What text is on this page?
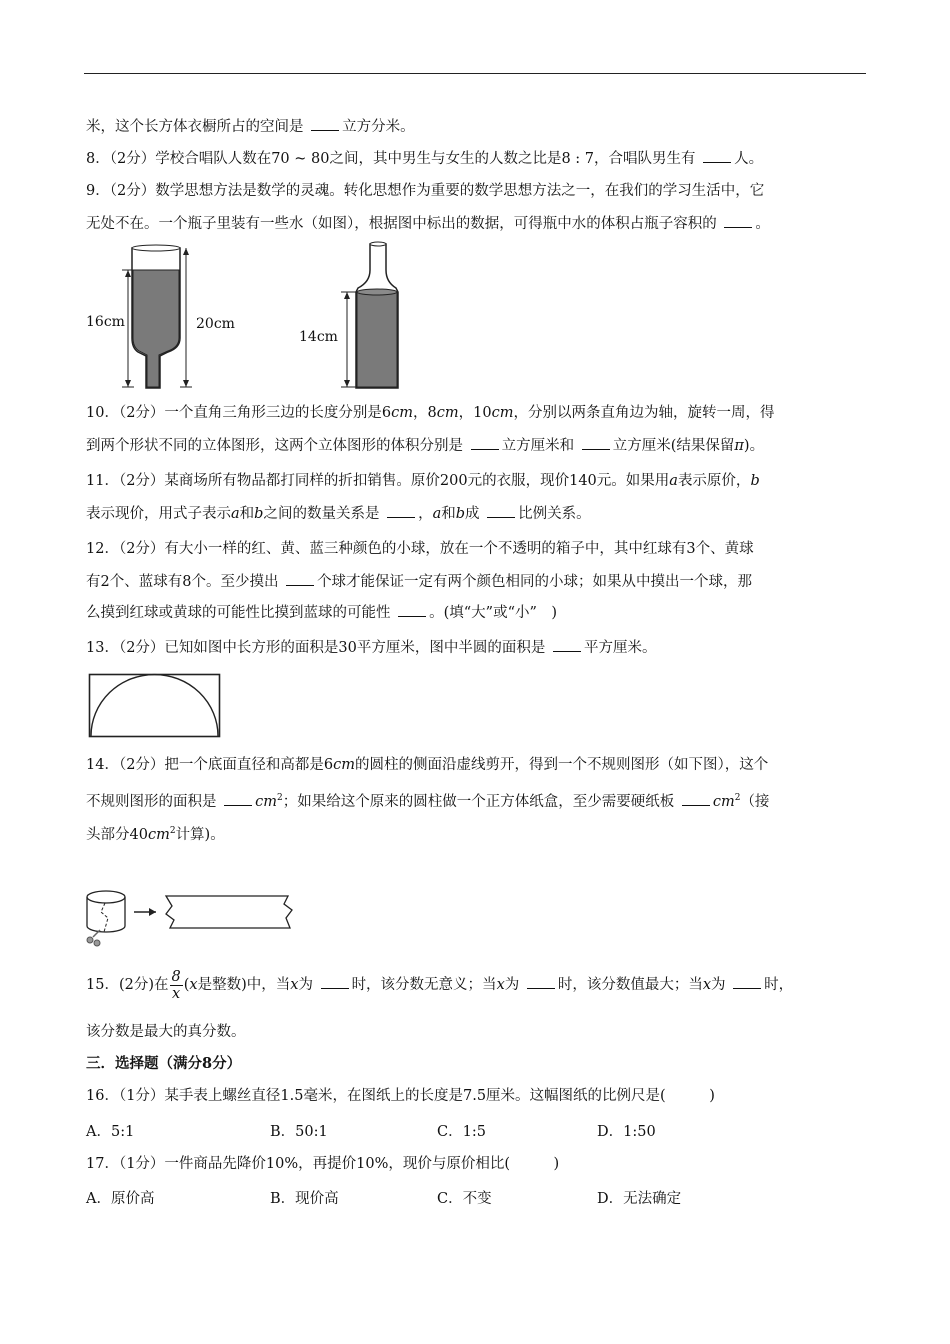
米，这个长方体衣橱所占的空间是 立方分米。
8．（2分）学校合唱队人数在70 ~ 80之间，其中男生与女生的人数之比是8 : 7，合唱队男生有 人。
9．（2分）数学思想方法是数学的灵魂。转化思想作为重要的数学思想方法之一，在我们的学习生活中，它
无处不在。一个瓶子里装有一些水（如图），根据图中标出的数据，可得瓶中水的体积占瓶子容积的 。
16cm	20cm
14cm
10．（2分）一个直角三角形三边的长度分别是6cm，8cm，10cm，分别以两条直角边为轴，旋转一周，得
到两个形状不同的立体图形，这两个立体图形的体积分别是 立方厘米和 立方厘米(结果保留π)。
11．（2分）某商场所有物品都打同样的折扣销售。原价200元的衣服，现价140元。如果用a表示原价，b
表示现价，用式子表示a和b之间的数量关系是 ，a和b成 比例关系。
12．（2分）有大小一样的红、黄、蓝三种颜色的小球，放在一个不透明的箱子中，其中红球有3个、黄球
有2个、蓝球有8个。至少摸出 个球才能保证一定有两个颜色相同的小球；如果从中摸出一个球，那
么摸到红球或黄球的可能性比摸到蓝球的可能性 。(填“大”或“小”　)
13．（2分）已知如图中长方形的面积是30平方厘米，图中半圆的面积是 平方厘米。
14．（2分）把一个底面直径和高都是6cm的圆柱的侧面沿虚线剪开，得到一个不规则图形（如下图），这个
不规则图形的面积是 $cm^2$；如果给这个原来的圆柱做一个正方体纸盒，至少需要硬纸板 $cm^2$（接
头部分$40cm^2$计算)。
15．(2分)在 $\frac{8}{x} (x$是整数)中，当x为 时，该分数无意义；当x为 时，该分数值最大；当x为 时，
该分数是最大的真分数。
三．选择题（满分8分）
16．（1分）某手表上螺丝直径1.5毫米，在图纸上的长度是7.5厘米。这幅图纸的比例尺是(　　　)
A．5:1	B．50:1	C．1:5	D．1:50
17．（1分）一件商品先降价10%，再提价10%，现价与原价相比(　　　)
A．原价高	B．现价高	C．不变	D．无法确定
